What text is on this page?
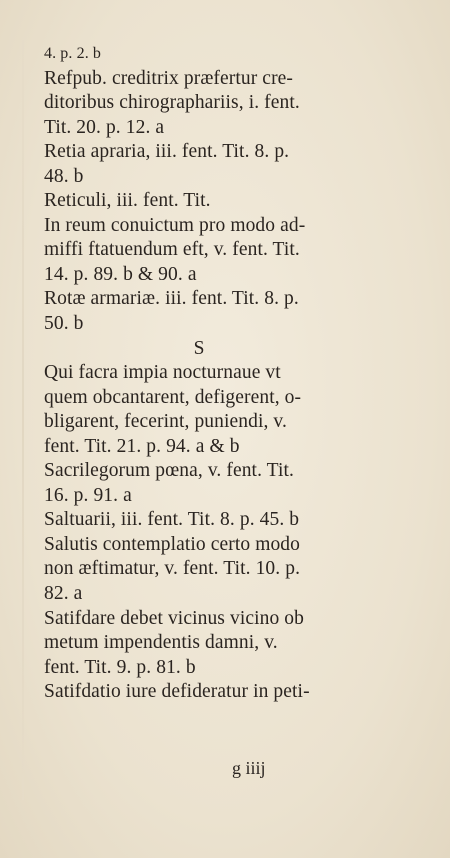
4. p. 2. b
Refpub. creditrix præfertur cre-
ditoribus chirographariis, i. fent.
Tit. 20. p. 12. a
Retia apraria, iii. fent. Tit. 8. p.
48. b
Reticuli, iii. fent. Tit.
In reum conuictum pro modo ad-
miffi ftatuendum eft, v. fent. Tit.
14. p. 89. b & 90. a
Rotæ armariæ. iii. fent. Tit. 8. p.
50. b
S
Qui facra impia nocturnaue vt
quem obcantarent, defigerent, o-
bligarent, fecerint, puniendi, v.
fent. Tit. 21. p. 94. a & b
Sacrilegorum pœna, v. fent. Tit.
16. p. 91. a
Saltuarii, iii. fent. Tit. 8. p. 45. b
Salutis contemplatio certo modo
non æftimatur, v. fent. Tit. 10. p.
82. a
Satifdare debet vicinus vicino ob
metum impendentis damni, v.
fent. Tit. 9. p. 81. b
Satifdatio iure defideratur in peti-
g iiij
